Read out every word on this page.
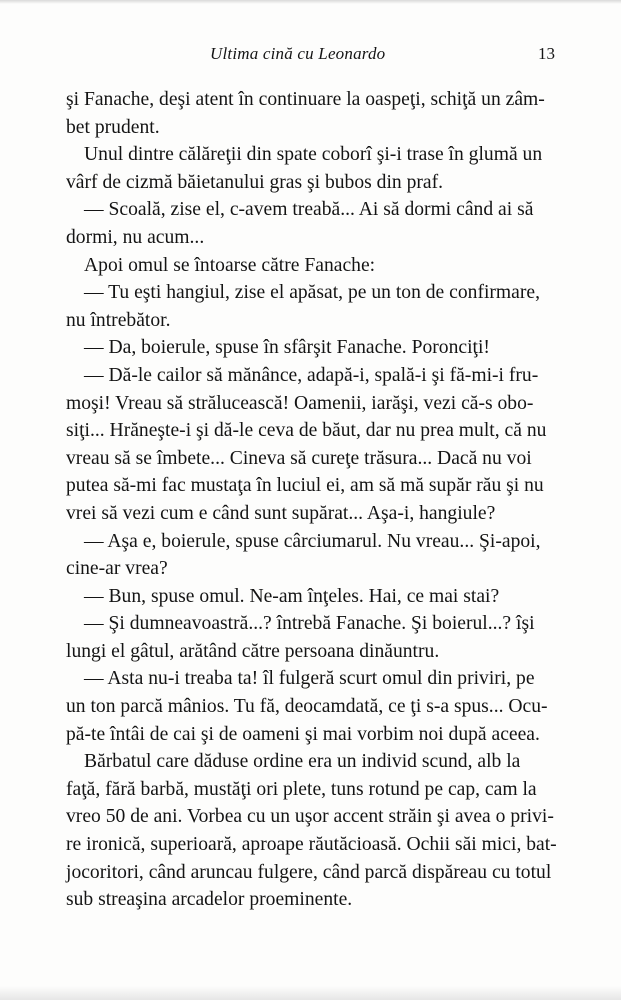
Ultima cină cu Leonardo	13
şi Fanache, deşi atent în continuare la oaspeţi, schiţă un zâm-
bet prudent.
Unul dintre călăreţii din spate coborî şi-i trase în glumă un
vârf de cizmă băietanului gras şi bubos din praf.
— Scoală, zise el, c-avem treabă... Ai să dormi când ai să
dormi, nu acum...
Apoi omul se întoarse către Fanache:
— Tu eşti hangiul, zise el apăsat, pe un ton de confirmare,
nu întrebător.
— Da, boierule, spuse în sfârşit Fanache. Poronciţi!
— Dă-le cailor să mănânce, adapă-i, spală-i şi fă-mi-i fru-
moşi! Vreau să strălucească! Oamenii, iarăşi, vezi că-s obo-
siţi... Hrăneşte-i şi dă-le ceva de băut, dar nu prea mult, că nu
vreau să se îmbete... Cineva să cureţe trăsura... Dacă nu voi
putea să-mi fac mustaţa în luciul ei, am să mă supăr rău şi nu
vrei să vezi cum e când sunt supărat... Aşa-i, hangiule?
— Aşa e, boierule, spuse cârciumarul. Nu vreau... Şi-apoi,
cine-ar vrea?
— Bun, spuse omul. Ne-am înţeles. Hai, ce mai stai?
— Şi dumneavoastră...? întrebă Fanache. Şi boierul...? îşi
lungi el gâtul, arătând către persoana dinăuntru.
— Asta nu-i treaba ta! îl fulgeră scurt omul din priviri, pe
un ton parcă mânios. Tu fă, deocamdată, ce ţi s-a spus... Ocu-
pă-te întâi de cai şi de oameni şi mai vorbim noi după aceea.
Bărbatul care dăduse ordine era un individ scund, alb la
faţă, fără barbă, mustăţi ori plete, tuns rotund pe cap, cam la
vreo 50 de ani. Vorbea cu un uşor accent străin şi avea o privi-
re ironică, superioară, aproape răutăcioasă. Ochii săi mici, bat-
jocoritori, când aruncau fulgere, când parcă dispăreau cu totul
sub streaşina arcadelor proeminente.
